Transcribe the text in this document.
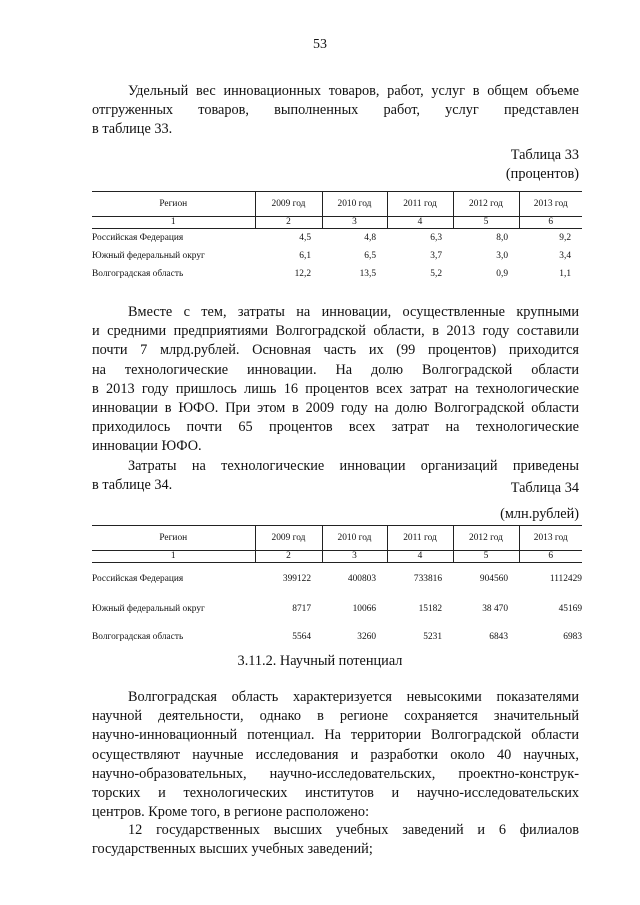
53
Удельный вес инновационных товаров, работ, услуг в общем объеме
отгруженных товаров, выполненных работ, услуг представлен
в таблице 33.
Таблица 33
(процентов)
Регион	2009 год	2010 год	2011 год	2012 год	2013 год
1	2	3	4	5	6
Российская Федерация	4,5	4,8	6,3	8,0	9,2
Южный федеральный округ	6,1	6,5	3,7	3,0	3,4
Волгоградская область	12,2	13,5	5,2	0,9	1,1
Вместе с тем, затраты на инновации, осуществленные крупными
и средними предприятиями Волгоградской области, в 2013 году составили
почти 7 млрд.рублей. Основная часть их (99 процентов) приходится
на технологические инновации. На долю Волгоградской области
в 2013 году пришлось лишь 16 процентов всех затрат на технологические
инновации в ЮФО. При этом в 2009 году на долю Волгоградской области
приходилось почти 65 процентов всех затрат на технологические
инновации ЮФО.
Затраты на технологические инновации организаций приведены
в таблице 34.	Таблица 34
(млн.рублей)
Регион	2009 год	2010 год	2011 год	2012 год	2013 год
1	2	3	4	5	6
Российская Федерация	399122	400803	733816	904560	1112429
Южный федеральный округ	8717	10066	15182	38 470	45169
Волгоградская область	5564	3260	5231	6843	6983
3.11.2. Научный потенциал
Волгоградская область характеризуется невысокими показателями
научной деятельности, однако в регионе сохраняется значительный
научно-инновационный потенциал. На территории Волгоградской области
осуществляют научные исследования и разработки около 40 научных,
научно-образовательных, научно-исследовательских, проектно-конструк-
торских и технологических институтов и научно-исследовательских
центров. Кроме того, в регионе расположено:
12 государственных высших учебных заведений и 6 филиалов
государственных высших учебных заведений;
